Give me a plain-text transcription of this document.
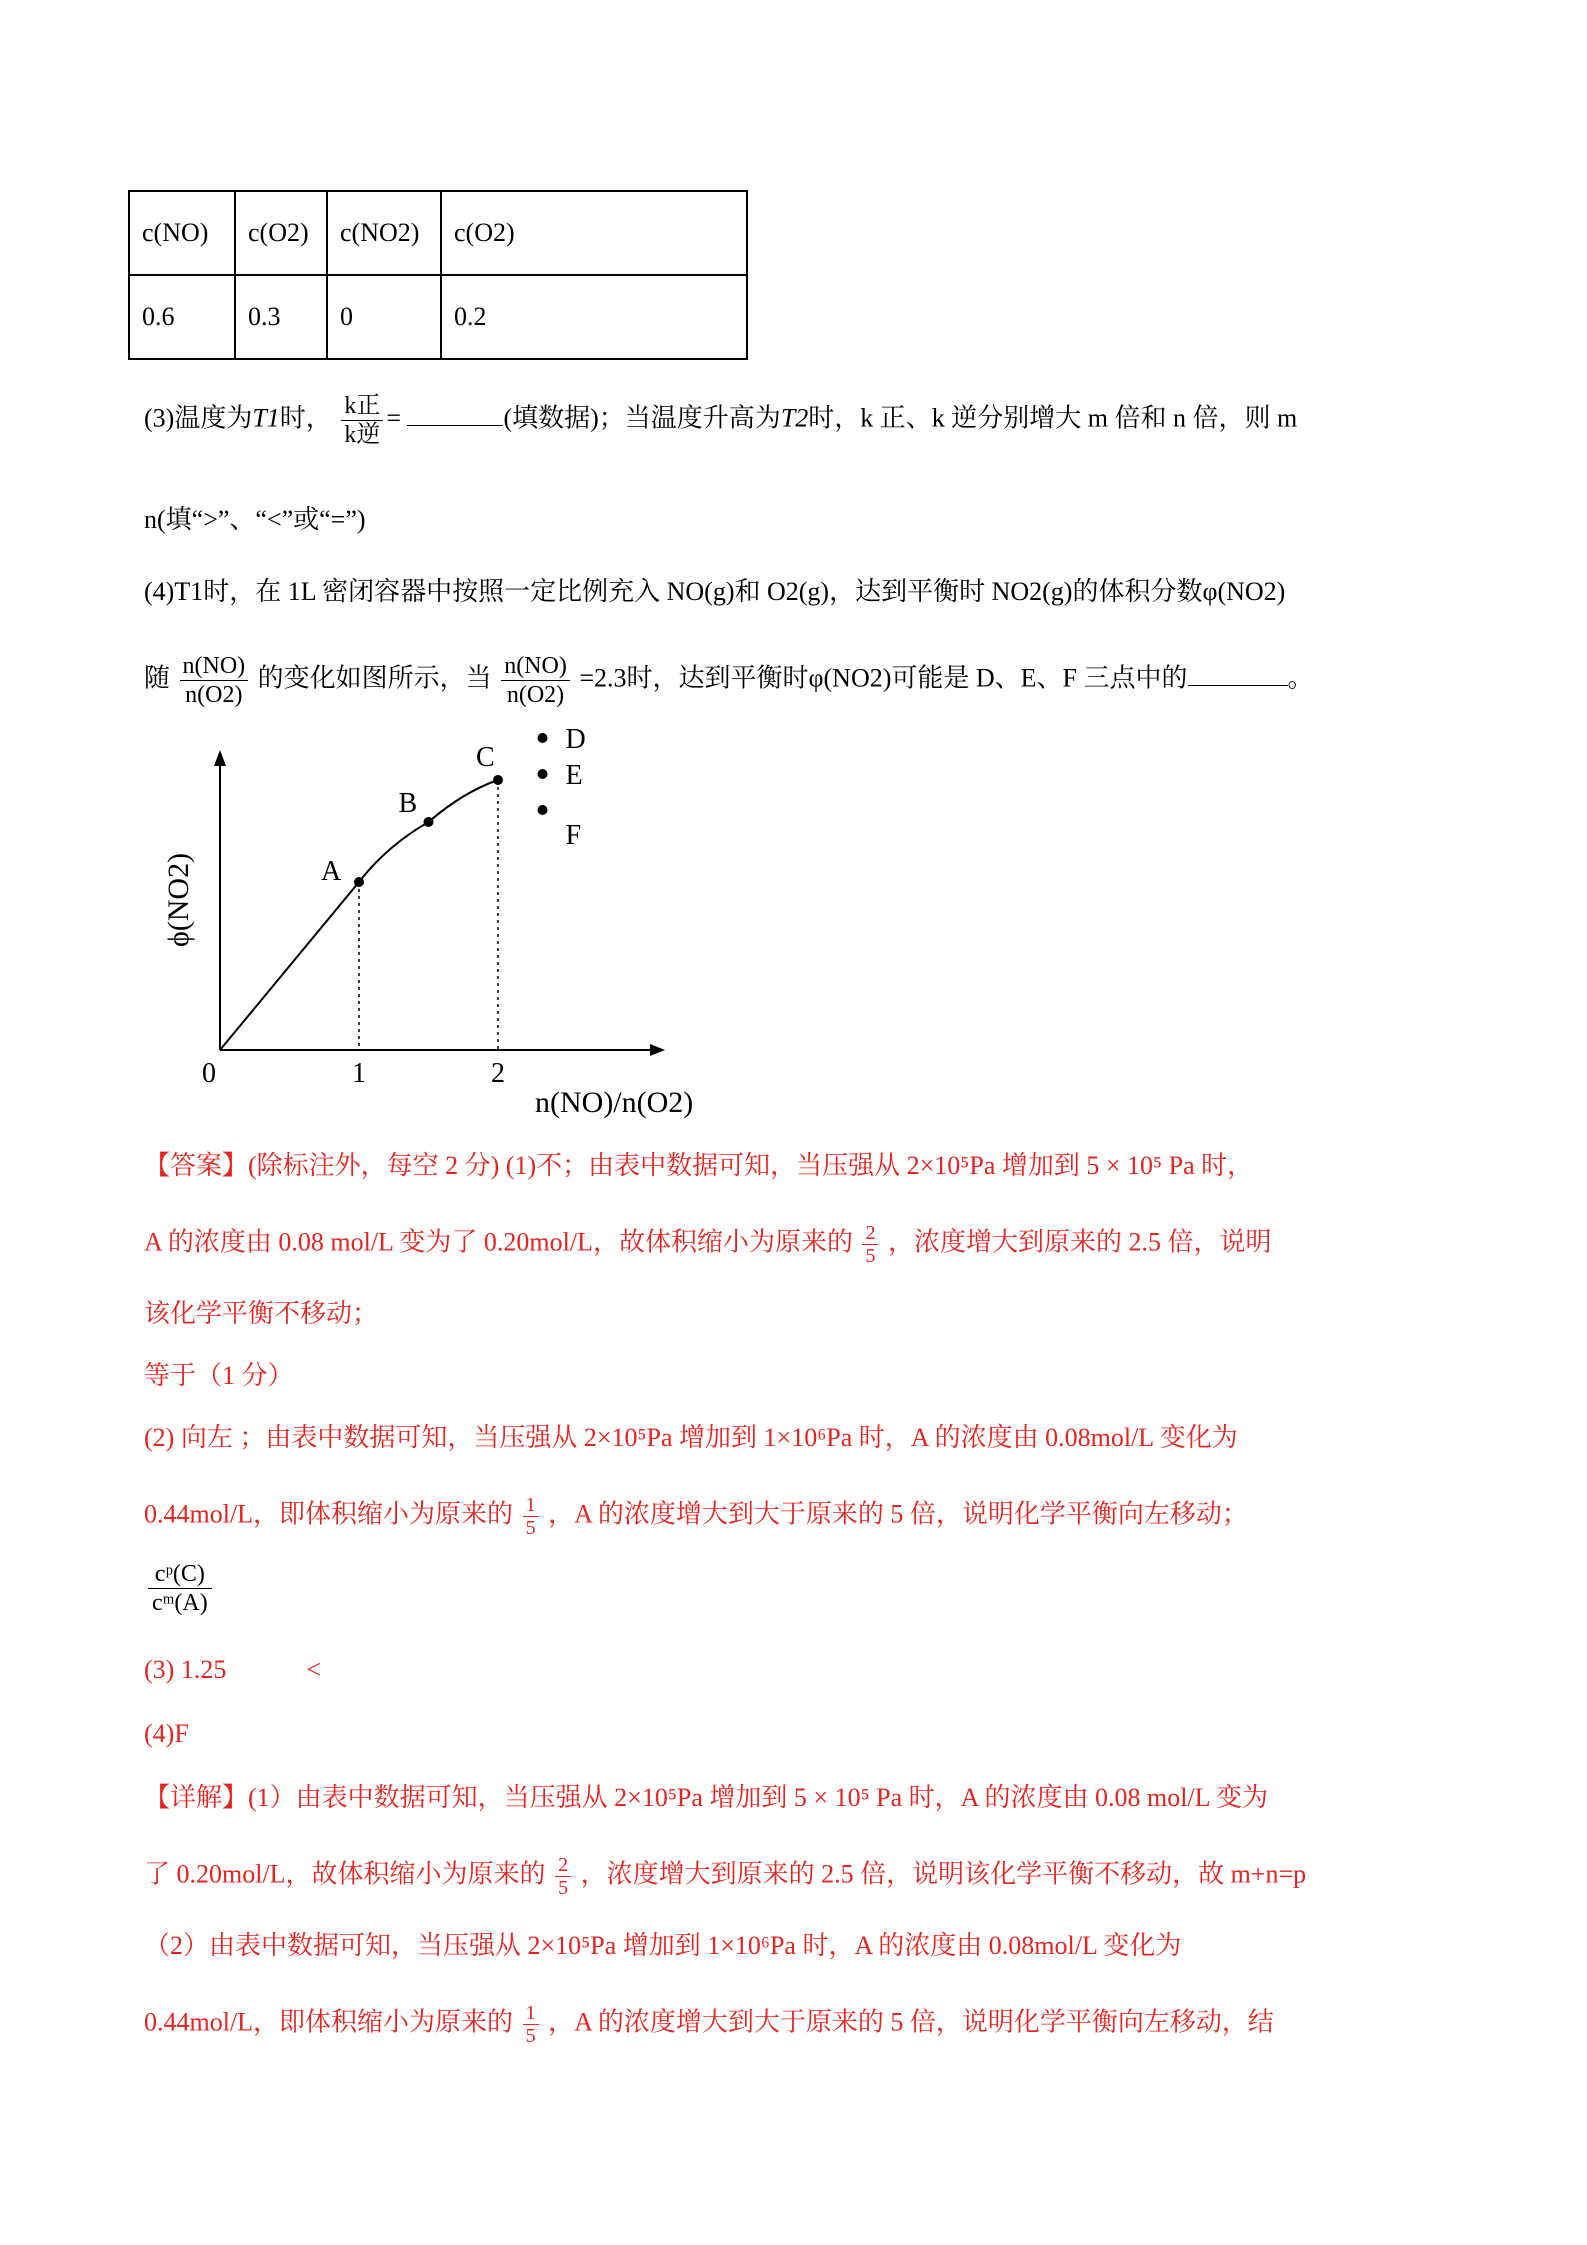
c(NO)	c(O2)	c(NO2)	c(O2)
0.6	0.3	0	0.2
(3)温度为T1时， $\frac{\text{k正}}{\text{k逆}}$ =	(填数据)；当温度升高为T2时，k 正、k 逆分别增大 m 倍和 n 倍，则 m
n(填“>”、“<”或“=”)
(4)T1时，在 1L 密闭容器中按照一定比例充入 NO(g)和 O2(g)，达到平衡时 NO2(g)的体积分数φ(NO2)
随 $\frac{n(NO)}{n(O2)}$ 的变化如图所示，当 $\frac{n(NO)}{n(O2)} =2.3$时，达到平衡时φ(NO2)可能是 D、E、F 三点中的	。
A
B
C
D
E
F
0	1	2
n(NO)/n(O2)
ϕ(NO2)
【答案】(除标注外，每空 2 分) (1)不；由表中数据可知，当压强从 2×10⁵Pa 增加到 5 × 10⁵ Pa 时，
A 的浓度由 0.08 mol/L 变为了 0.20mol/L，故体积缩小为原来的 $\frac{2}{5}$ ，浓度增大到原来的 2.5 倍，说明
该化学平衡不移动；
等于（1 分）
(2) 向左 ；由表中数据可知，当压强从 2×10⁵Pa 增加到 1×10⁶Pa 时，A 的浓度由 0.08mol/L 变化为
0.44mol/L，即体积缩小为原来的 $\frac{1}{5}$ ，A 的浓度增大到大于原来的 5 倍，说明化学平衡向左移动；
$\frac{\text{cᵖ(C)}}{\text{cᵐ(A)}}$
(3) 1.25	<
(4)F
【详解】(1）由表中数据可知，当压强从 2×10⁵Pa 增加到 5 × 10⁵ Pa 时，A 的浓度由 0.08 mol/L 变为
了 0.20mol/L，故体积缩小为原来的 $\frac{2}{5}$ ，浓度增大到原来的 2.5 倍，说明该化学平衡不移动，故 m+n=p
（2）由表中数据可知，当压强从 2×10⁵Pa 增加到 1×10⁶Pa 时，A 的浓度由 0.08mol/L 变化为
0.44mol/L，即体积缩小为原来的 $\frac{1}{5}$ ，A 的浓度增大到大于原来的 5 倍，说明化学平衡向左移动，结
